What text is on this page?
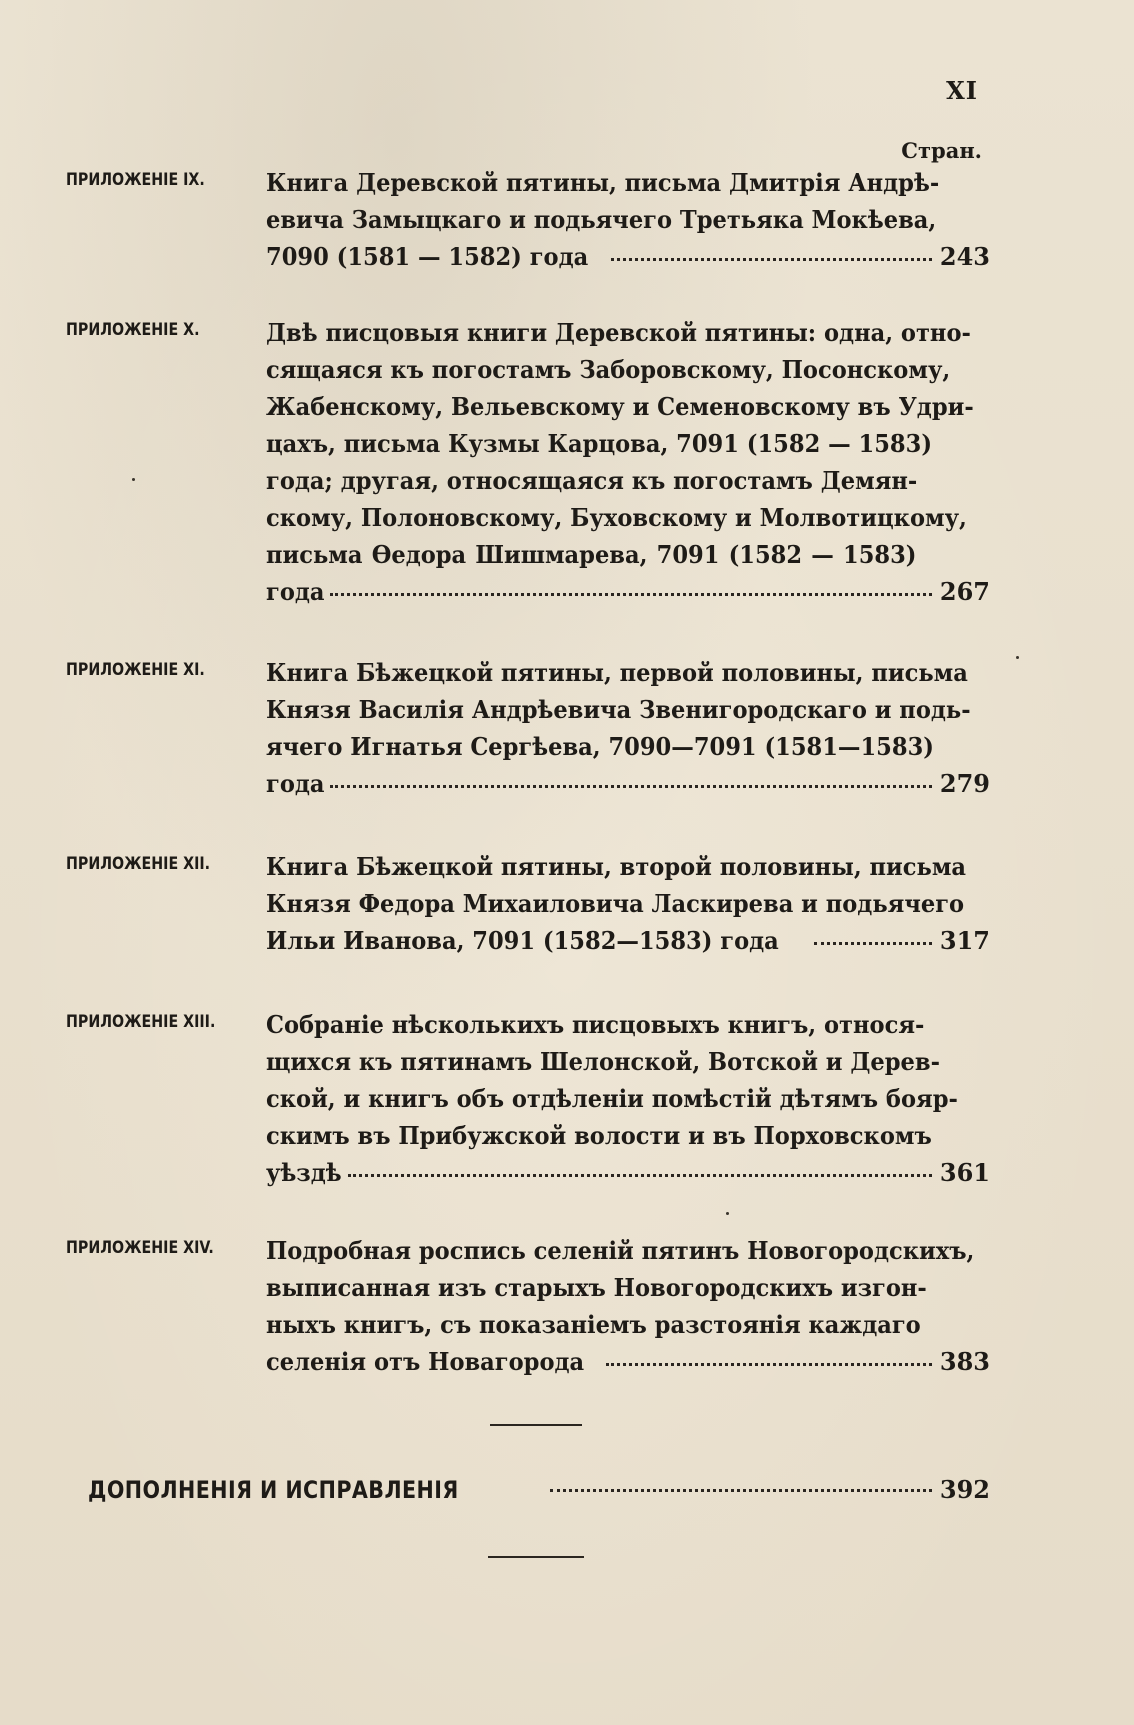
XI
Стран.
ПРИЛОЖЕНІЕ IX.	Книга Деревской пятины, письма Дмитрія Андрѣ-
евича Замыцкаго и подьячего Третьяка Мокѣева,
7090 (1581 — 1582) года	243
ПРИЛОЖЕНІЕ X.	Двѣ писцовыя книги Деревской пятины: одна, отно-
сящаяся къ погостамъ Заборовскому, Посонскому,
Жабенскому, Вельевскому и Семеновскому въ Удри-
цахъ, письма Кузмы Карцова, 7091 (1582 — 1583)
года; другая, относящаяся къ погостамъ Демян-
скому, Полоновскому, Буховскому и Молвотицкому,
письма Ѳедора Шишмарева, 7091 (1582 — 1583)
года	267
ПРИЛОЖЕНІЕ XI.	Книга Бѣжецкой пятины, первой половины, письма
Князя Василія Андрѣевича Звенигородскаго и подь-
ячего Игнатья Сергѣева, 7090—7091 (1581—1583)
года	279
ПРИЛОЖЕНІЕ XII.	Книга Бѣжецкой пятины, второй половины, письма
Князя Федора Михаиловича Ласкирева и подьячего
Ильи Иванова, 7091 (1582—1583) года	317
ПРИЛОЖЕНІЕ XIII.	Собраніе нѣсколькихъ писцовыхъ книгъ, относя-
щихся къ пятинамъ Шелонской, Вотской и Дерев-
ской, и книгъ объ отдѣленіи помѣстій дѣтямъ бояр-
скимъ въ Прибужской волости и въ Порховскомъ
уѣздѣ	361
ПРИЛОЖЕНІЕ XIV.	Подробная роспись селеній пятинъ Новогородскихъ,
выписанная изъ старыхъ Новогородскихъ изгон-
ныхъ книгъ, съ показаніемъ разстоянія каждаго
селенія отъ Новагорода	383
ДОПОЛНЕНІЯ И ИСПРАВЛЕНІЯ	392
